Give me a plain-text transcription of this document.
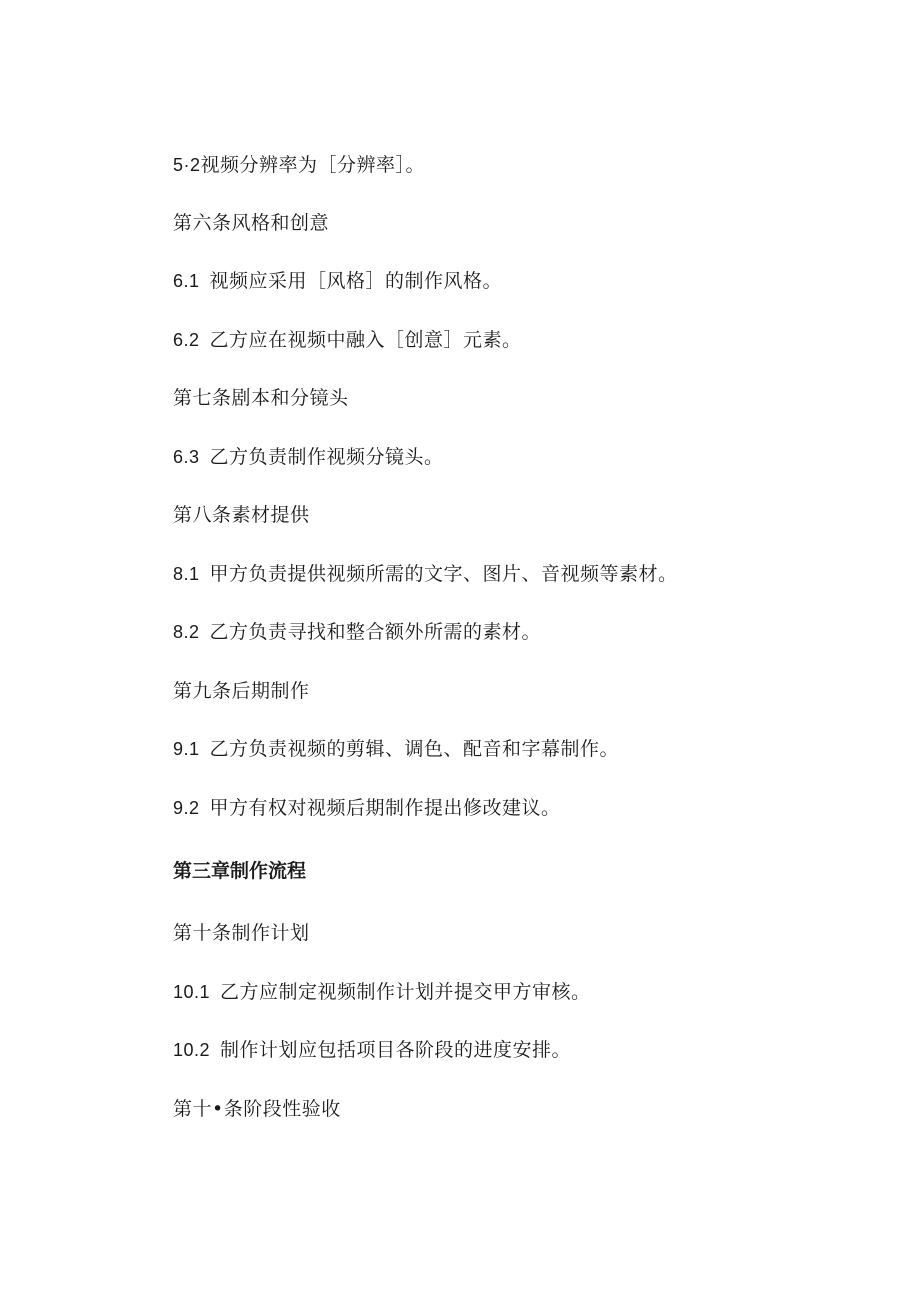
5·2视频分辨率为［分辨率］。
第六条风格和创意
6.1 视频应采用［风格］的制作风格。
6.2 乙方应在视频中融入［创意］元素。
第七条剧本和分镜头
6.3 乙方负责制作视频分镜头。
第八条素材提供
8.1 甲方负责提供视频所需的文字、图片、音视频等素材。
8.2 乙方负责寻找和整合额外所需的素材。
第九条后期制作
9.1 乙方负责视频的剪辑、调色、配音和字幕制作。
9.2 甲方有权对视频后期制作提出修改建议。
第三章制作流程
第十条制作计划
10.1 乙方应制定视频制作计划并提交甲方审核。
10.2 制作计划应包括项目各阶段的进度安排。
第十•条阶段性验收
